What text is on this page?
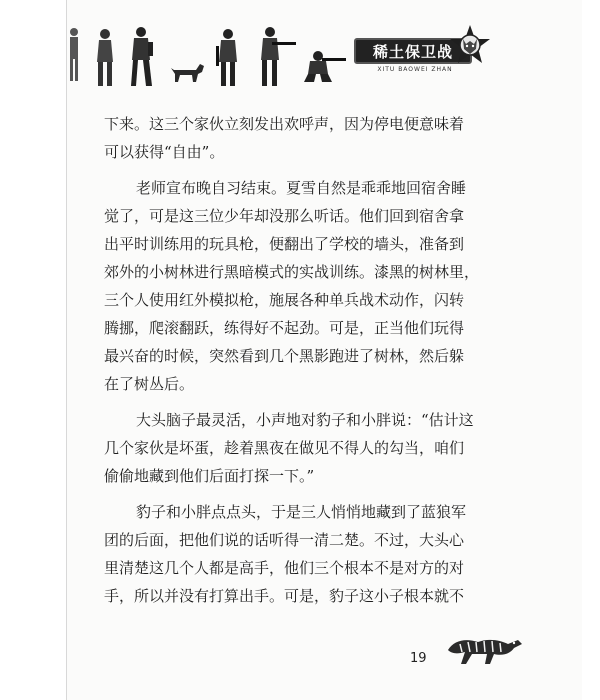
稀土保卫战
XITU BAOWEI ZHAN
下来。这三个家伙立刻发出欢呼声，因为停电便意味着
可以获得“自由”。
老师宣布晚自习结束。夏雪自然是乖乖地回宿舍睡
觉了，可是这三位少年却没那么听话。他们回到宿舍拿
出平时训练用的玩具枪，便翻出了学校的墙头，准备到
郊外的小树林进行黑暗模式的实战训练。漆黑的树林里，
三个人使用红外模拟枪，施展各种单兵战术动作，闪转
腾挪，爬滚翻跃，练得好不起劲。可是，正当他们玩得
最兴奋的时候，突然看到几个黑影跑进了树林，然后躲
在了树丛后。
大头脑子最灵活，小声地对豹子和小胖说：“估计这
几个家伙是坏蛋，趁着黑夜在做见不得人的勾当，咱们
偷偷地藏到他们后面打探一下。”
豹子和小胖点点头，于是三人悄悄地藏到了蓝狼军
团的后面，把他们说的话听得一清二楚。不过，大头心
里清楚这几个人都是高手，他们三个根本不是对方的对
手，所以并没有打算出手。可是，豹子这小子根本就不
19
